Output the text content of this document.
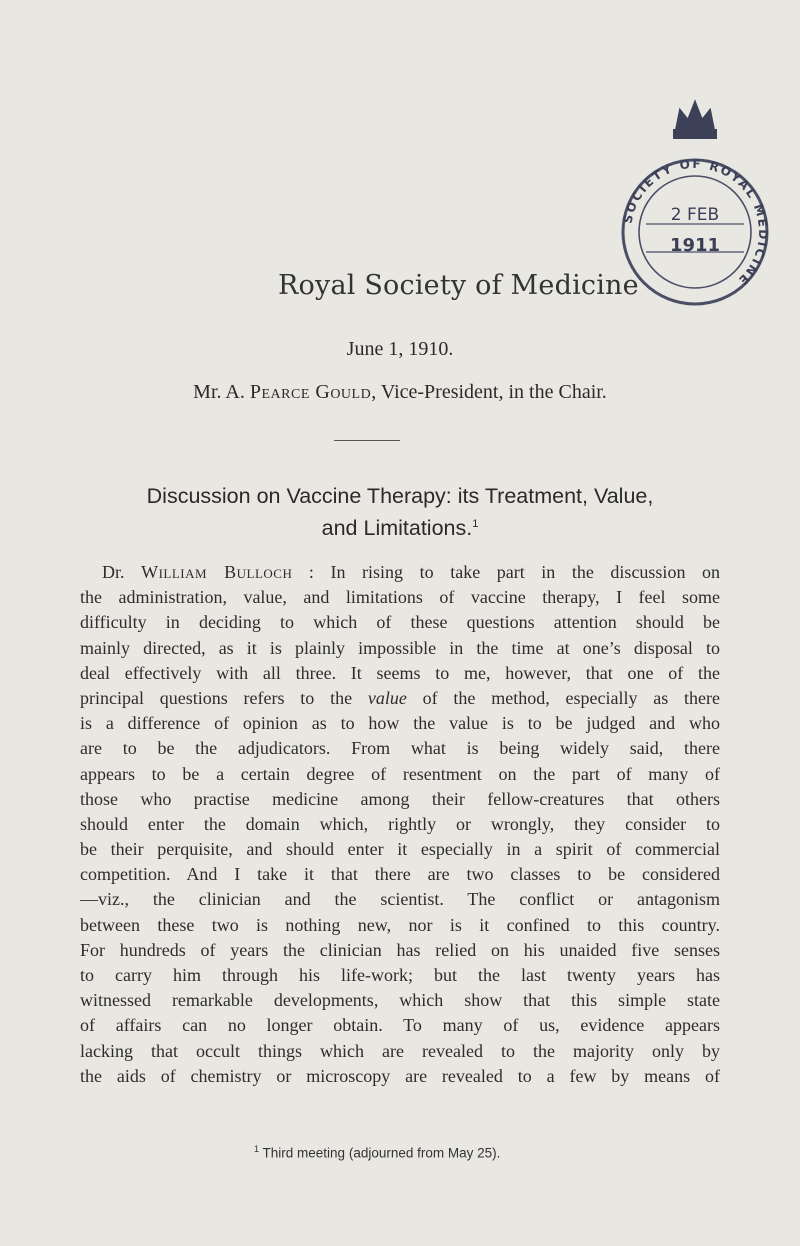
Royal Society of Medicine
2 FEB
1911
SOCIETY OF ROYAL MEDICINE
June 1, 1910.
Mr. A. Pearce Gould, Vice-President, in the Chair.
Discussion on Vaccine Therapy: its Treatment, Value,
and Limitations.$^1$
Dr. William Bulloch : In rising to take part in the discussion on
the administration, value, and limitations of vaccine therapy, I feel some
difficulty in deciding to which of these questions attention should be
mainly directed, as it is plainly impossible in the time at one’s disposal to
deal effectively with all three. It seems to me, however, that one of the
principal questions refers to the value of the method, especially as there
is a difference of opinion as to how the value is to be judged and who
are to be the adjudicators. From what is being widely said, there
appears to be a certain degree of resentment on the part of many of
those who practise medicine among their fellow-creatures that others
should enter the domain which, rightly or wrongly, they consider to
be their perquisite, and should enter it especially in a spirit of commercial
competition. And I take it that there are two classes to be considered
—viz., the clinician and the scientist. The conflict or antagonism
between these two is nothing new, nor is it confined to this country.
For hundreds of years the clinician has relied on his unaided five senses
to carry him through his life-work; but the last twenty years has
witnessed remarkable developments, which show that this simple state
of affairs can no longer obtain. To many of us, evidence appears
lacking that occult things which are revealed to the majority only by
the aids of chemistry or microscopy are revealed to a few by means of
$^1$ Third meeting (adjourned from May 25).
